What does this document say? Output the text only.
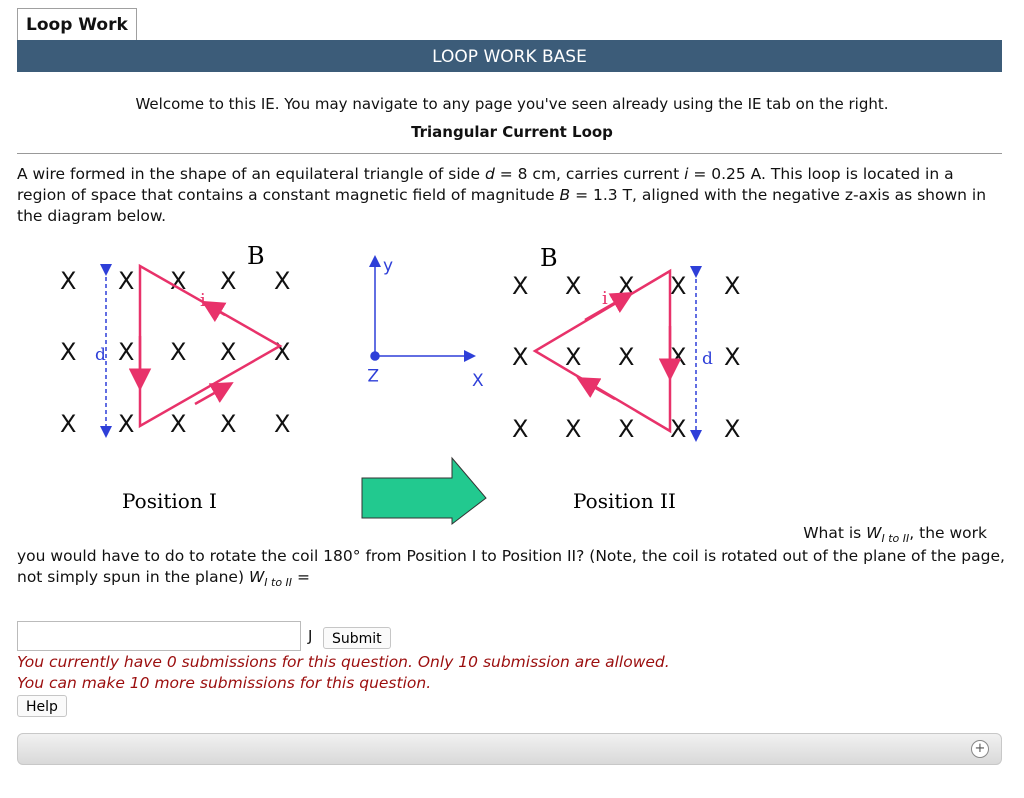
Loop Work
LOOP WORK BASE
Welcome to this IE. You may navigate to any page you've seen already using the IE tab on the right.
Triangular Current Loop
A wire formed in the shape of an equilateral triangle of side d = 8 cm, carries current i = 0.25 A. This loop is located in a region of space that contains a constant magnetic field of magnitude B = 1.3 T, aligned with the negative z-axis as shown in the diagram below.
X X X X X
X X X X X
X X X X X
B
i
d
y
X
Z
X X X X X
X X X X X
X X X X X
B
i
d
Position I	Position II
What is $W_{I to II}$, the work
you would have to do to rotate the coil 180° from Position I to Position II? (Note, the coil is rotated out of the plane of the page, not simply spun in the plane) $W_{I to II}$ =
J	Submit
You currently have 0 submissions for this question. Only 10 submission are allowed.
You can make 10 more submissions for this question.
Help
+
